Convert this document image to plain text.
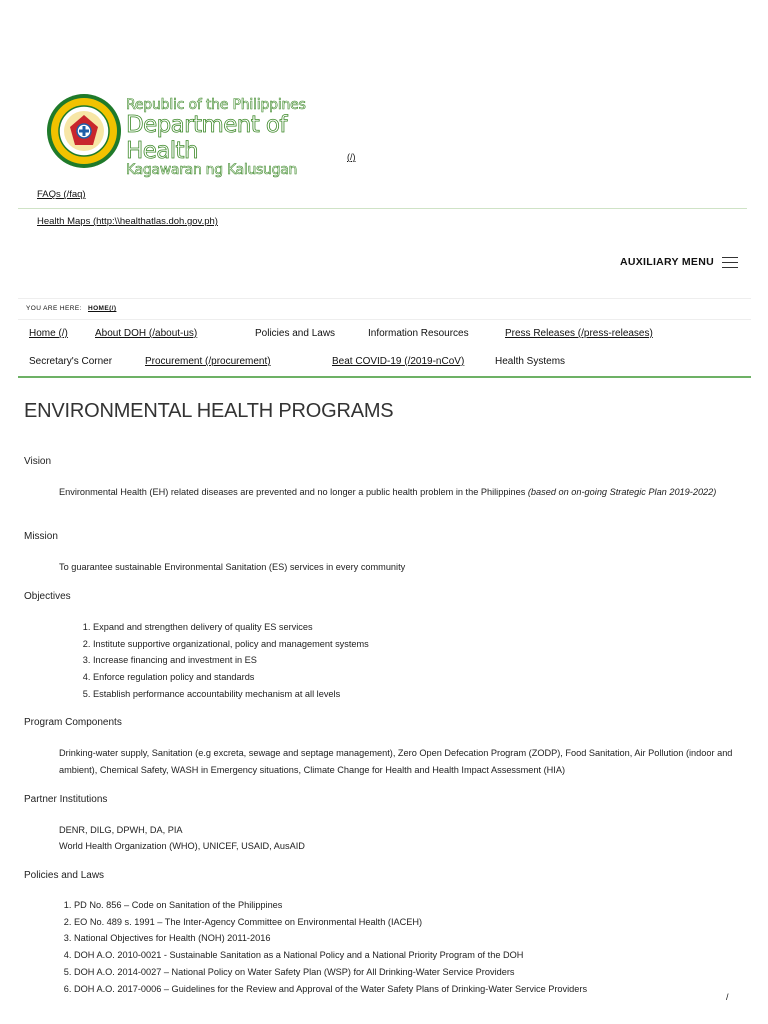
Republic of the Philippines
Department of Health
Kagawaran ng Kalusugan
(/)
FAQs (/faq)
Health Maps (http:\\healthatlas.doh.gov.ph)
AUXILIARY MENU
YOU ARE HERE: HOME(/)
Home (/)	About DOH (/about-us)	Policies and Laws	Information Resources	Press Releases (/press-releases)
Secretary's Corner	Procurement (/procurement)	Beat COVID-19 (/2019-nCoV)	Health Systems
ENVIRONMENTAL HEALTH PROGRAMS
Vision

Environmental Health (EH) related diseases are prevented and no longer a public health problem in the Philippines (based on on-going Strategic Plan 2019-2022)

Mission

To guarantee sustainable Environmental Sanitation (ES) services in every community

Objectives
1. Expand and strengthen delivery of quality ES services
2. Institute supportive organizational, policy and management systems
3. Increase financing and investment in ES
4. Enforce regulation policy and standards
5. Establish performance accountability mechanism at all levels
Program Components

Drinking-water supply, Sanitation (e.g excreta, sewage and septage management), Zero Open Defecation Program (ZODP), Food Sanitation, Air Pollution (indoor and ambient), Chemical Safety, WASH in Emergency situations, Climate Change for Health and Health Impact Assessment (HIA)

Partner Institutions

DENR, DILG, DPWH, DA, PIA

World Health Organization (WHO), UNICEF, USAID, AusAID

Policies and Laws
1. PD No. 856 – Code on Sanitation of the Philippines
2. EO No. 489 s. 1991 – The Inter-Agency Committee on Environmental Health (IACEH)
3. National Objectives for Health (NOH) 2011-2016
4. DOH A.O. 2010-0021 - Sustainable Sanitation as a National Policy and a National Priority Program of the DOH
5. DOH A.O. 2014-0027 – National Policy on Water Safety Plan (WSP) for All Drinking-Water Service Providers
6. DOH A.O. 2017-0006 – Guidelines for the Review and Approval of the Water Safety Plans of Drinking-Water Service Providers
/
